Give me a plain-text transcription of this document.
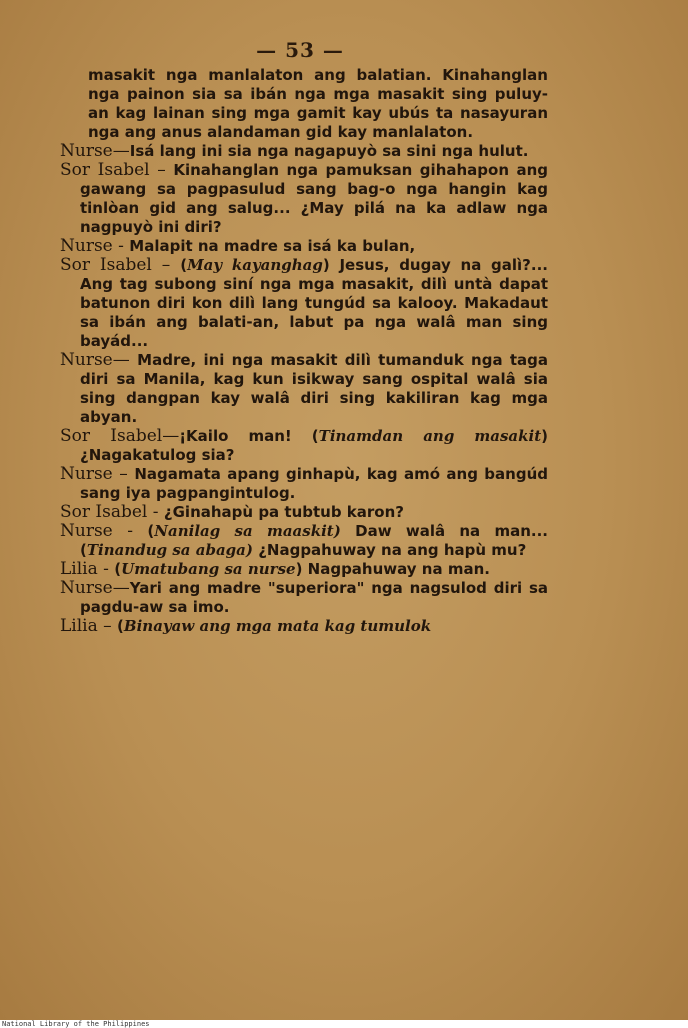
— 53 —

masakit nga manlalaton ang balatian. Kinahanglan nga painon sia sa ibán nga mga masakit sing puluy-an kag lainan sing mga gamit kay ubús ta nasayuran nga ang anus alandaman gid kay manlalaton.

Nurse—Isá lang ini sia nga nagapuyò sa sini nga hulut.

Sor Isabel – Kinahanglan nga pamuksan gihahapon ang gawang sa pagpasulud sang bag-o nga hangin kag tinlòan gid ang salug... ¿May pilá na ka adlaw nga nagpuyò ini diri?

Nurse - Malapit na madre sa isá ka bulan,

Sor Isabel – (May kayanghag) Jesus, dugay na galì?... Ang tag subong siní nga mga masakit, dilì untà dapat batunon diri kon dilì lang tungúd sa kalooy. Makadaut sa ibán ang balati-an, labut pa nga walâ man sing bayád...

Nurse— Madre, ini nga masakit dilì tumanduk nga taga diri sa Manila, kag kun isikway sang ospital walâ sia sing dangpan kay walâ diri sing kakiliran kag mga abyan.

Sor Isabel—¡Kailo man! (Tinamdan ang masakit) ¿Nagakatulog sia?

Nurse – Nagamata apang ginhapù, kag amó ang bangúd sang iya pagpangintulog.

Sor Isabel - ¿Ginahapù pa tubtub karon?

Nurse - (Nanilag sa maaskit) Daw walâ na man... (Tinandug sa abaga) ¿Nagpahuway na ang hapù mu?

Lilia - (Umatubang sa nurse) Nagpahuway na man.

Nurse—Yari ang madre "superiora" nga nagsulod diri sa pagdu-aw sa imo.

Lilia – (Binayaw ang mga mata kag tumulok

National Library of the Philippines
